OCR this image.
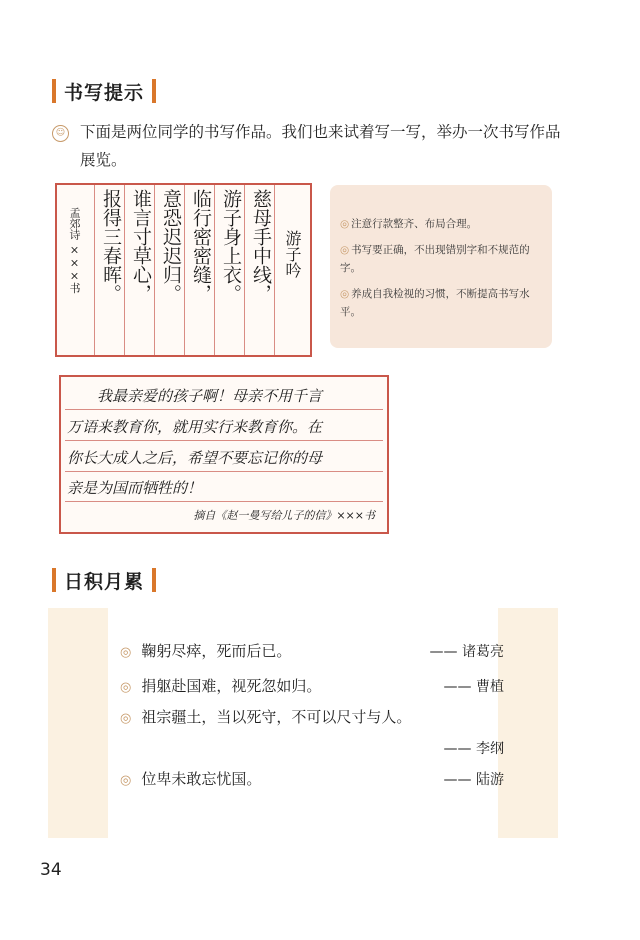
书写提示
☺ 下面是两位同学的书写作品。我们也来试着写一写，举办一次书写作品展览。
游子吟
慈母手中线，
游子身上衣。
临行密密缝，
意恐迟迟归。
谁言寸草心，
报得三春晖。
孟郊诗 ×××书	◎ 注意行款整齐、布局合理。
◎ 书写要正确，不出现错别字和不规范的字。
◎ 养成自我检视的习惯，不断提高书写水平。
我最亲爱的孩子啊！母亲不用千言
万语来教育你，就用实行来教育你。在
你长大成人之后，希望不要忘记你的母
亲是为国而牺牲的！
摘自《赵一曼写给儿子的信》×××书
日积月累
◎ 鞠躬尽瘁，死而后已。	—— 诸葛亮
◎ 捐躯赴国难，视死忽如归。	—— 曹植
◎ 祖宗疆土，当以死守，不可以尺寸与人。
—— 李纲
◎ 位卑未敢忘忧国。	—— 陆游
34
